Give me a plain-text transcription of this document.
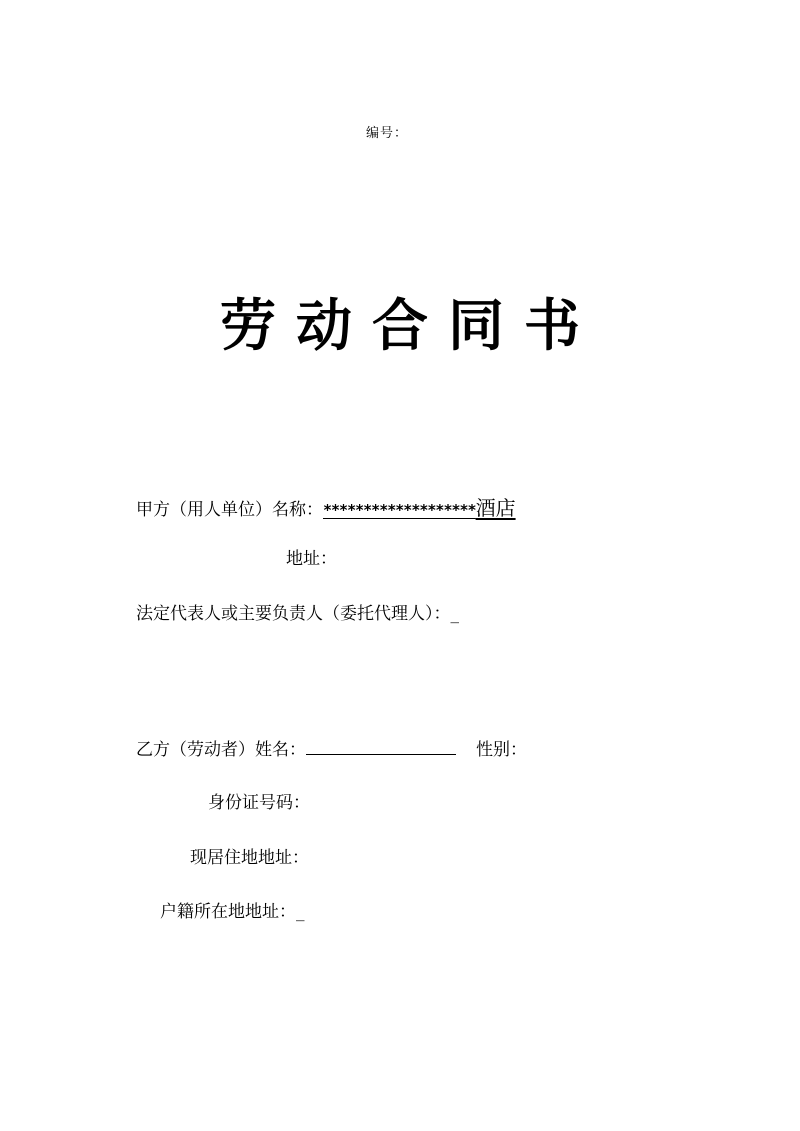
编号：
劳动合同书
甲方（用人单位）名称：*******************酒店
地址：
法定代表人或主要负责人（委托代理人）：_
乙方（劳动者）姓名：	性别：
身份证号码：
现居住地地址：
户籍所在地地址：_
